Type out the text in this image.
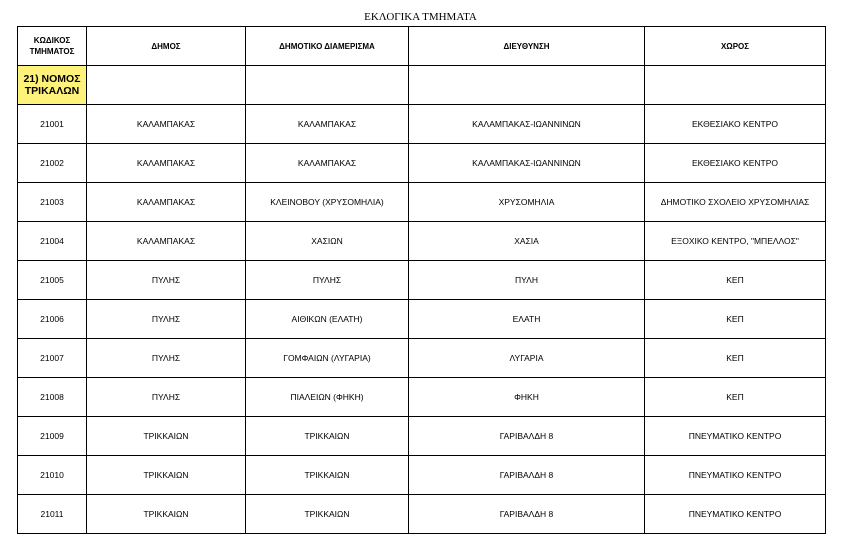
ΕΚΛΟΓΙΚΑ ΤΜΗΜΑΤΑ
ΚΩΔΙΚΟΣ
ΤΜΗΜΑΤΟΣ	ΔΗΜΟΣ	ΔΗΜΟΤΙΚΟ ΔΙΑΜΕΡΙΣΜΑ	ΔΙΕΥΘΥΝΣΗ	ΧΩΡΟΣ
21) ΝΟΜΟΣ
ΤΡΙΚΑΛΩΝ				
21001	ΚΑΛΑΜΠΑΚΑΣ	ΚΑΛΑΜΠΑΚΑΣ	ΚΑΛΑΜΠΑΚΑΣ-ΙΩΑΝΝΙΝΩΝ	ΕΚΘΕΣΙΑΚΟ ΚΕΝΤΡΟ
21002	ΚΑΛΑΜΠΑΚΑΣ	ΚΑΛΑΜΠΑΚΑΣ	ΚΑΛΑΜΠΑΚΑΣ-ΙΩΑΝΝΙΝΩΝ	ΕΚΘΕΣΙΑΚΟ ΚΕΝΤΡΟ
21003	ΚΑΛΑΜΠΑΚΑΣ	ΚΛΕΙΝΟΒΟΥ (ΧΡΥΣΟΜΗΛΙΑ)	ΧΡΥΣΟΜΗΛΙΑ	ΔΗΜΟΤΙΚΟ ΣΧΟΛΕΙΟ ΧΡΥΣΟΜΗΛΙΑΣ
21004	ΚΑΛΑΜΠΑΚΑΣ	ΧΑΣΙΩΝ	ΧΑΣΙΑ	ΕΞΟΧΙΚΟ ΚΕΝΤΡΟ, "ΜΠΕΛΛΟΣ"
21005	ΠΥΛΗΣ	ΠΥΛΗΣ	ΠΥΛΗ	ΚΕΠ
21006	ΠΥΛΗΣ	ΑΙΘΙΚΩΝ (ΕΛΑΤΗ)	ΕΛΑΤΗ	ΚΕΠ
21007	ΠΥΛΗΣ	ΓΟΜΦΑΙΩΝ (ΛΥΓΑΡΙΑ)	ΛΥΓΑΡΙΑ	ΚΕΠ
21008	ΠΥΛΗΣ	ΠΙΑΛΕΙΩΝ (ΦΗΚΗ)	ΦΗΚΗ	ΚΕΠ
21009	ΤΡΙΚΚΑΙΩΝ	ΤΡΙΚΚΑΙΩΝ	ΓΑΡΙΒΑΛΔΗ 8	ΠΝΕΥΜΑΤΙΚΟ ΚΕΝΤΡΟ
21010	ΤΡΙΚΚΑΙΩΝ	ΤΡΙΚΚΑΙΩΝ	ΓΑΡΙΒΑΛΔΗ 8	ΠΝΕΥΜΑΤΙΚΟ ΚΕΝΤΡΟ
21011	ΤΡΙΚΚΑΙΩΝ	ΤΡΙΚΚΑΙΩΝ	ΓΑΡΙΒΑΛΔΗ 8	ΠΝΕΥΜΑΤΙΚΟ ΚΕΝΤΡΟ
